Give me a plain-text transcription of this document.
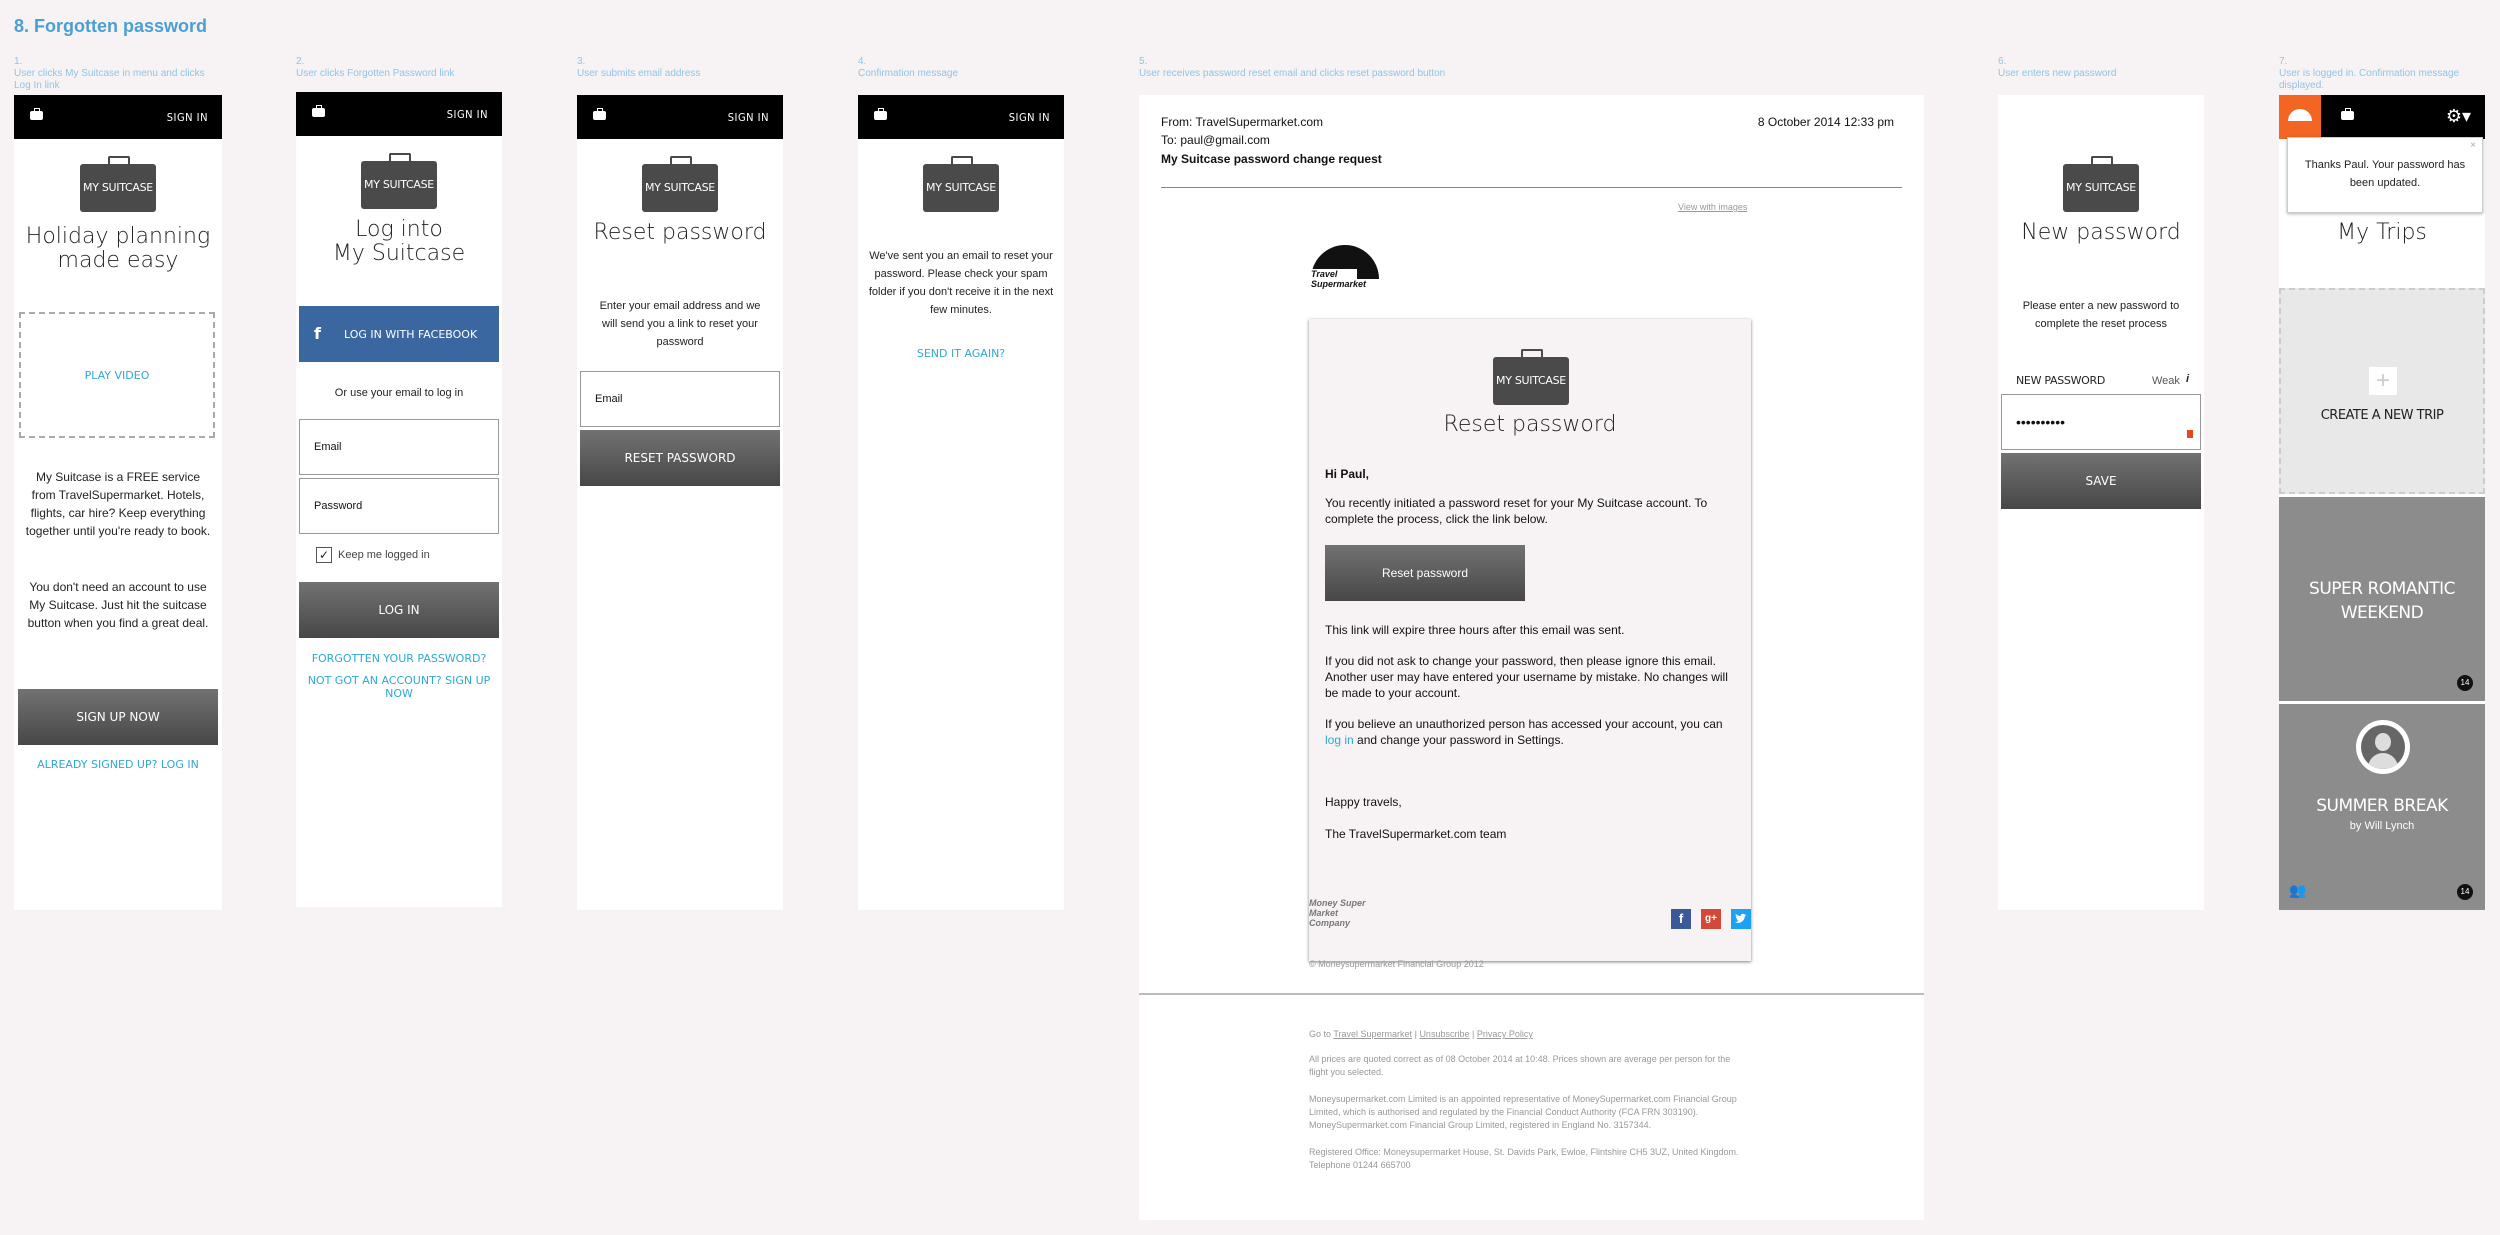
8. Forgotten password
1.
User clicks My Suitcase in menu and clicks Log In link
2.
User clicks Forgotten Password link
3.
User submits email address
4.
Confirmation message
5.
User receives password reset email and clicks reset password button
6.
User enters new password
7.
User is logged in. Confirmation message displayed.
SIGN IN
MY SUITCASE
Holiday planning
made easy
PLAY VIDEO
My Suitcase is a FREE service from TravelSupermarket. Hotels, flights, car hire? Keep everything together until you're ready to book.
You don't need an account to use My Suitcase. Just hit the suitcase button when you find a great deal.
SIGN UP NOW
ALREADY SIGNED UP? LOG IN
SIGN IN
MY SUITCASE
Log into
My Suitcase
f LOG IN WITH FACEBOOK
Or use your email to log in
Email
Password
✓ Keep me logged in
LOG IN
FORGOTTEN YOUR PASSWORD?
NOT GOT AN ACCOUNT? SIGN UP NOW
SIGN IN
MY SUITCASE
Reset password
Enter your email address and we will send you a link to reset your password
Email
RESET PASSWORD
SIGN IN
MY SUITCASE
We've sent you an email to reset your password. Please check your spam folder if you don't receive it in the next few minutes.
SEND IT AGAIN?
From: TravelSupermarket.com	8 October 2014 12:33 pm
To: paul@gmail.com
My Suitcase password change request
View with images
Travel Supermarket
MY SUITCASE
Reset password
Hi Paul,
You recently initiated a password reset for your My Suitcase account. To complete the process, click the link below.
Reset password
This link will expire three hours after this email was sent.
If you did not ask to change your password, then please ignore this email. Another user may have entered your username by mistake. No changes will be made to your account.
If you believe an unauthorized person has accessed your account, you can log in and change your password in Settings.
Happy travels,
The TravelSupermarket.com team
Money Super Market Company	f	g+
© Moneysupermarket Financial Group 2012
Go to Travel Supermarket | Unsubscribe | Privacy Policy
All prices are quoted correct as of 08 October 2014 at 10:48. Prices shown are average per person for the flight you selected.
Moneysupermarket.com Limited is an appointed representative of MoneySupermarket.com Financial Group Limited, which is authorised and regulated by the Financial Conduct Authority (FCA FRN 303190). MoneySupermarket.com Financial Group Limited, registered in England No. 3157344.
Registered Office: Moneysupermarket House, St. Davids Park, Ewloe, Flintshire CH5 3UZ, United Kingdom. Telephone 01244 665700
MY SUITCASE
New password
Please enter a new password to complete the reset process
NEW PASSWORD	Weak i
••••••••••
SAVE
⚙▾
×
Thanks Paul. Your password has been updated.
My Trips
+
CREATE A NEW TRIP
SUPER ROMANTIC WEEKEND
14
SUMMER BREAK
by Will Lynch
👥	14
